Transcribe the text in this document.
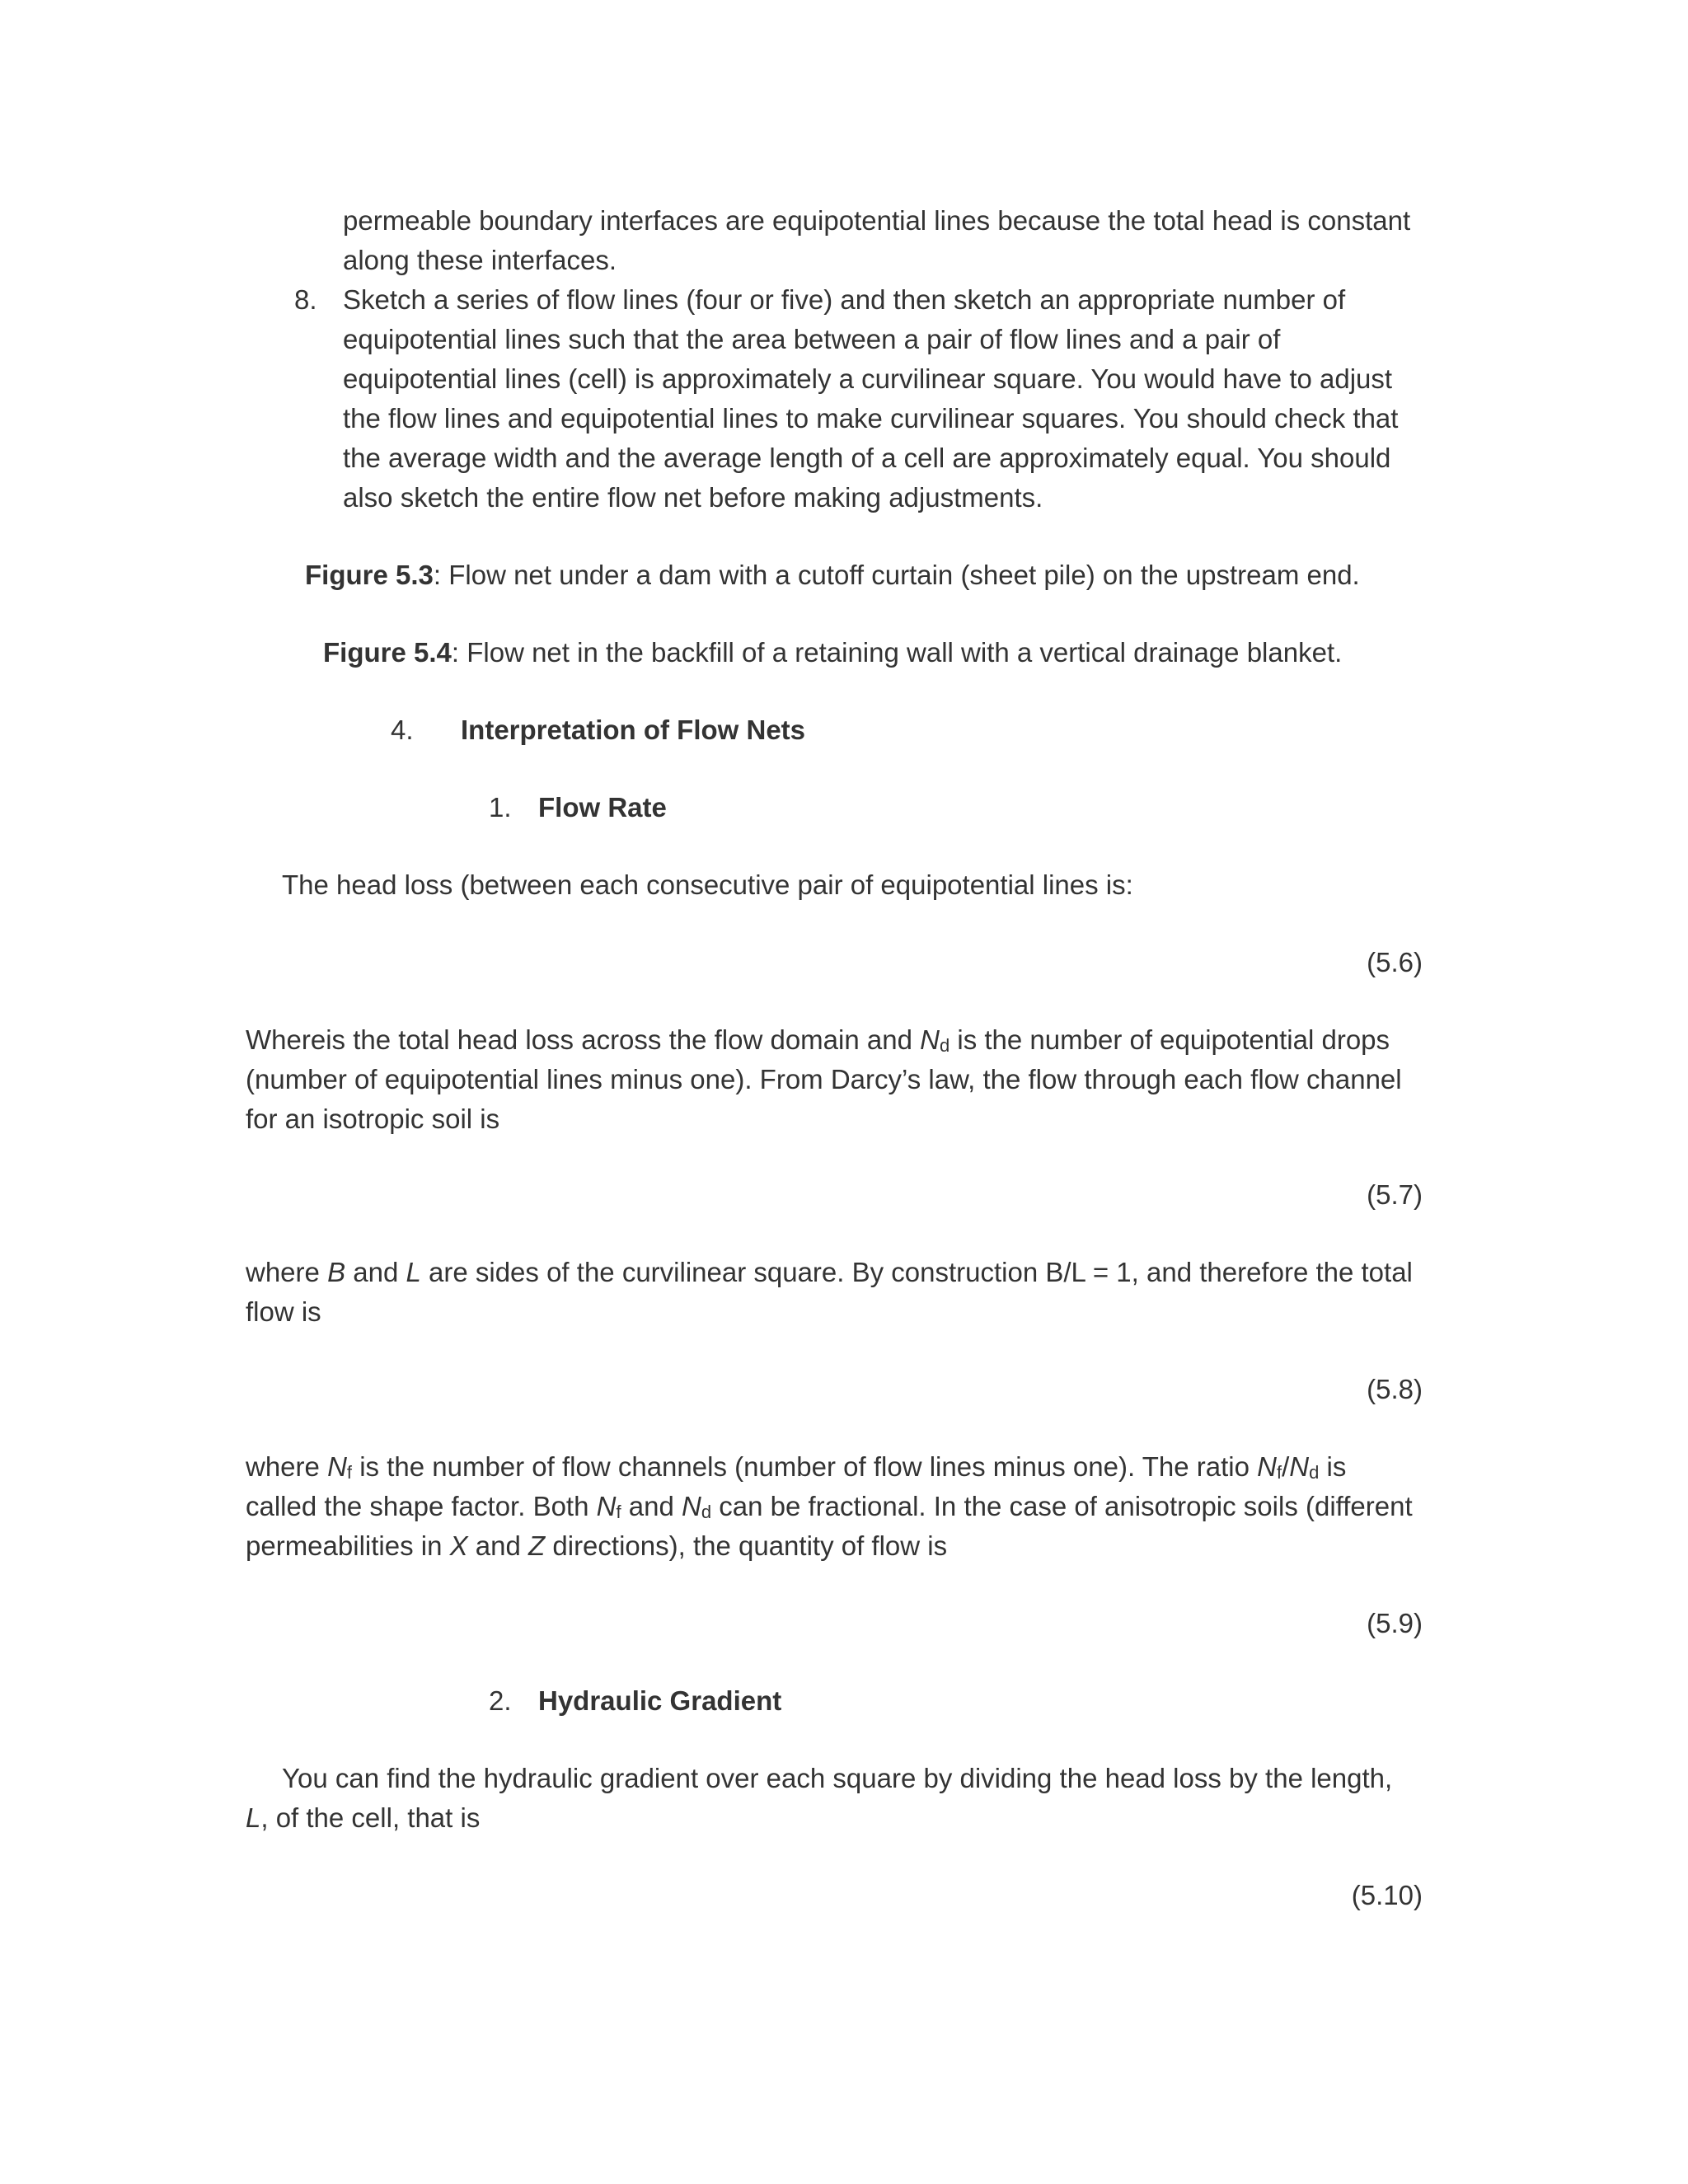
permeable boundary interfaces are equipotential lines because the total head is constant

along these interfaces.

8. Sketch a series of flow lines (four or five) and then sketch an appropriate number of

equipotential lines such that the area between a pair of flow lines and a pair of

equipotential lines (cell) is approximately a curvilinear square. You would have to adjust

the flow lines and equipotential lines to make curvilinear squares. You should check that

the average width and the average length of a cell are approximately equal. You should

also sketch the entire flow net before making adjustments.

Figure 5.3: Flow net under a dam with a cutoff curtain (sheet pile) on the upstream end.

Figure 5.4: Flow net in the backfill of a retaining wall with a vertical drainage blanket.

4. Interpretation of Flow Nets
1. Flow Rate

The head loss (between each consecutive pair of equipotential lines is:

(5.6)

Whereis the total head loss across the flow domain and Nd is the number of equipotential drops

(number of equipotential lines minus one). From Darcy’s law, the flow through each flow channel

for an isotropic soil is

(5.7)

where B and L are sides of the curvilinear square. By construction B/L = 1, and therefore the total

flow is

(5.8)

where Nf is the number of flow channels (number of flow lines minus one). The ratio Nf/Nd is

called the shape factor. Both Nf and Nd can be fractional. In the case of anisotropic soils (different

permeabilities in X and Z directions), the quantity of flow is

(5.9)
2. Hydraulic Gradient

You can find the hydraulic gradient over each square by dividing the head loss by the length,

L, of the cell, that is

(5.10)
